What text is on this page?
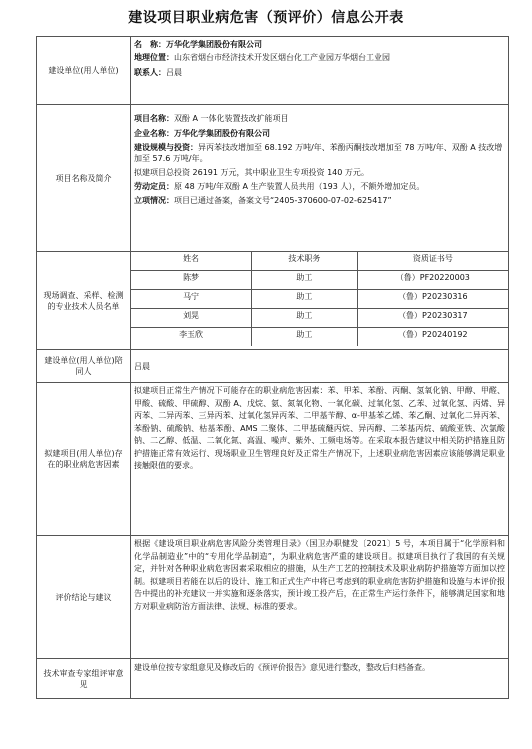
建设项目职业病危害（预评价）信息公开表
建设单位(用人单位)	
名　称：万华化学集团股份有限公司
地理位置：山东省烟台市经济技术开发区烟台化工产业园万华烟台工业园
联系人：吕晨

项目名称及简介	
项目名称：双酚 A 一体化装置技改扩能项目
企业名称：万华化学集团股份有限公司
建设规模与投资：异丙苯技改增加至 68.192 万吨/年、苯酚丙酮技改增加至 78 万吨/年、双酚 A 技改增加至 57.6 万吨/年。
拟建项目总投资 26191 万元，其中职业卫生专项投资 140 万元。
劳动定员：原 48 万吨/年双酚 A 生产装置人员共用（193 人），不额外增加定员。
立项情况：项目已通过备案，备案文号“2405-370600-07-02-625417”

现场调查、采样、检测的专业技术人员名单	
姓名	技术职务	资质证书号
陈梦	助工	（鲁）PF20220003
马宁	助工	（鲁）P20230316
刘晃	助工	（鲁）P20230317
李玉欣	助工	（鲁）P20240192

建设单位(用人单位)陪同人	吕晨
拟建项目(用人单位)存在的职业病危害因素	拟建项目正常生产情况下可能存在的职业病危害因素：苯、甲苯、苯酚、丙酮、氢氧化钠、甲醇、甲醛、甲酸、硫酸、甲硫醇、双酚 A、戊烷、氨、氮氧化物、一氧化碳、过氧化氢、乙苯、过氧化氢、丙烯、异丙苯、二异丙苯、三异丙苯、过氧化氢异丙苯、二甲基苄醇、α-甲基苯乙烯、苯乙酮、过氧化二异丙苯、苯酚钠、硫酸钠、枯基苯酚、AMS 二聚体、二甲基硫醚丙烷、异丙醇、二苯基丙烷、硫酸亚铁、次氯酸钠、二乙醇、低温、二氧化氮、高温、噪声、紫外、工频电场等。在采取本报告建议中相关防护措施且防护措施正常有效运行、现场职业卫生管理良好及正常生产情况下，上述职业病危害因素应该能够满足职业接触限值的要求。
评价结论与建议	根据《建设项目职业病危害风险分类管理目录》（国卫办职健发〔2021〕5 号，本项目属于“化学原料和化学品制造业”中的“专用化学品制造”，为职业病危害严重的建设项目。拟建项目执行了我国的有关规定，并针对各种职业病危害因素采取相应的措施，从生产工艺的控制技术及职业病防护措施等方面加以控制。拟建项目若能在以后的设计、施工和正式生产中将已考虑到的职业病危害防护措施和设施与本评价报告中提出的补充建议一并实施和逐条落实，预计竣工投产后，在正常生产运行条件下，能够满足国家和地方对职业病防治方面法律、法规、标准的要求。
技术审查专家组评审意见	建设单位按专家组意见及修改后的《预评价报告》意见进行整改，整改后归档备查。
